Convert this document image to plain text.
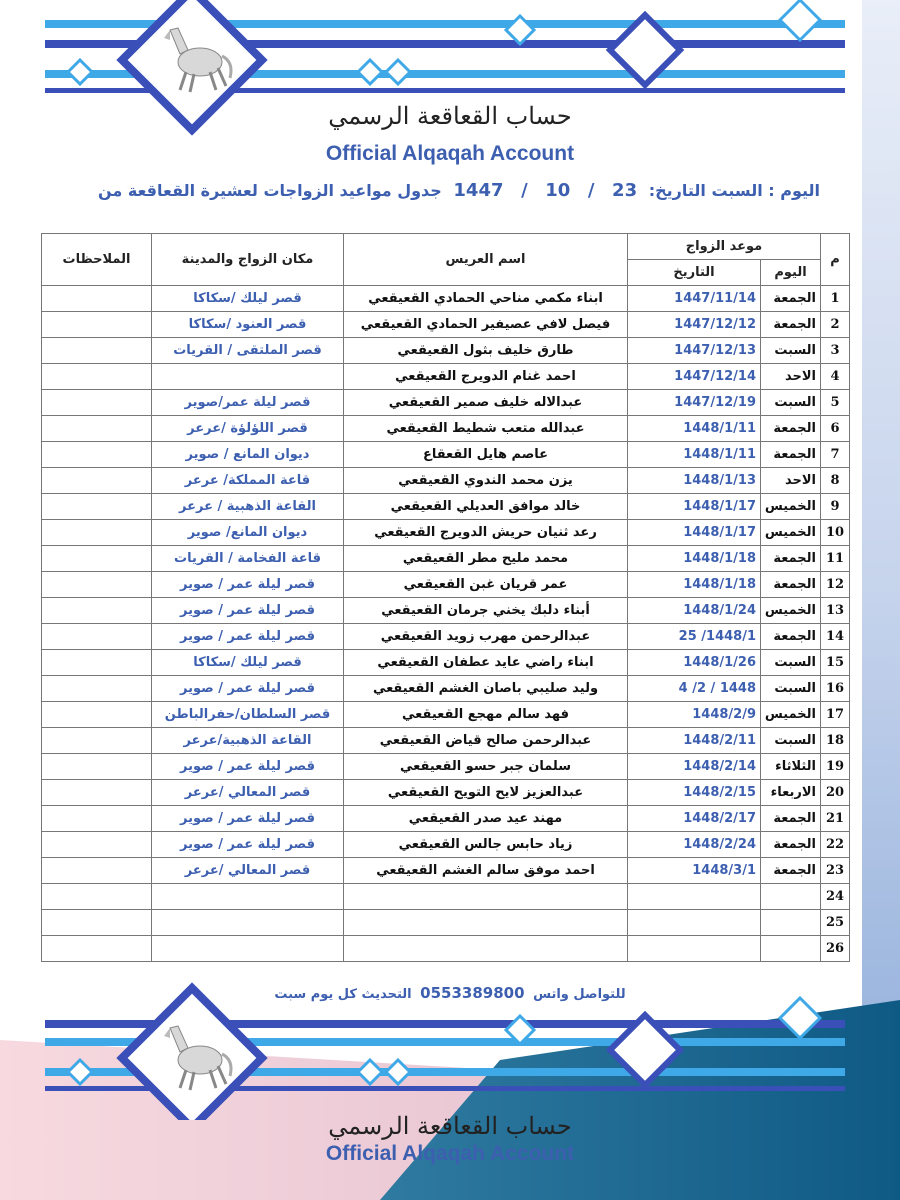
حساب القعاقعة الرسمي
Official Alqaqah Account
اليوم : السبت التاريخ: 23 / 10 / 1447 جدول مواعيد الزواجات لعشيرة القعاقعة من
م	موعد الزواج		اسم العريس	مكان الزواج والمدينة	الملاحظات
	اليوم	التاريخ			
1	الجمعة	1447/11/14	ابناء مكمي مناحي الحمادي القعيقعي	قصر ليلك /سكاكا	
2	الجمعة	1447/12/12	فيصل لافي عصيفير الحمادي القعيقعي	قصر العنود /سكاكا	
3	السبت	1447/12/13	طارق خليف بثول القعيقعي	قصر الملتقى / القريات	
4	الاحد	1447/12/14	احمد غنام الدويرج القعيقعي		
5	السبت	1447/12/19	عبدالاله خليف صمير القعيقعي	قصر ليلة عمر/صوير	
6	الجمعة	1448/1/11	عبدالله متعب شطيط القعيقعي	قصر اللؤلؤة /عرعر	
7	الجمعة	1448/1/11	عاصم هايل القعقاع	ديوان المانع / صوير	
8	الاحد	1448/1/13	يزن محمد الندوي القعيقعي	قاعة المملكة/ عرعر	
9	الخميس	1448/1/17	خالد موافق العديلي القعيقعي	القاعة الذهبية / عرعر	
10	الخميس	1448/1/17	رعد ثنيان حريش الدويرج القعيقعي	ديوان المانع/ صوير	
11	الجمعة	1448/1/18	محمد مليح مطر القعيقعي	قاعة الفخامة / القريات	
12	الجمعة	1448/1/18	عمر قريان غبن القعيقعي	قصر ليلة عمر / صوير	
13	الخميس	1448/1/24	أبناء دلبك يخني جرمان القعيقعي	قصر ليلة عمر / صوير	
14	الجمعة	1448/1/ 25	عبدالرحمن مهرب زويد القعيقعي	قصر ليلة عمر / صوير	
15	السبت	1448/1/26	ابناء راضي عايد عطفان القعيقعي	قصر ليلك /سكاكا	
16	السبت	1448 / 2/ 4	وليد صليبي باصان الغشم القعيقعي	قصر ليلة عمر / صوير	
17	الخميس	1448/2/9	فهد سالم مهجع القعيقعي	قصر السلطان/حفرالباطن	
18	السبت	1448/2/11	عبدالرحمن صالح قياض القعيقعي	القاعة الذهبية/عرعر	
19	الثلاثاء	1448/2/14	سلمان جبر حسو القعيقعي	قصر ليلة عمر / صوير	
20	الاربعاء	1448/2/15	عبدالعزيز لايح التويح القعيقعي	قصر المعالي /عرعر	
21	الجمعة	1448/2/17	مهند عيد صدر القعيقعي	قصر ليلة عمر / صوير	
22	الجمعة	1448/2/24	زياد حابس جالس القعيقعي	قصر ليلة عمر / صوير	
23	الجمعة	1448/3/1	احمد موفق سالم الغشم القعيقعي	قصر المعالي /عرعر	
24					
25					
26					
للتواصل واتس 0553389800 التحديث كل يوم سبت
حساب القعاقعة الرسمي
Official Alqaqah Account
